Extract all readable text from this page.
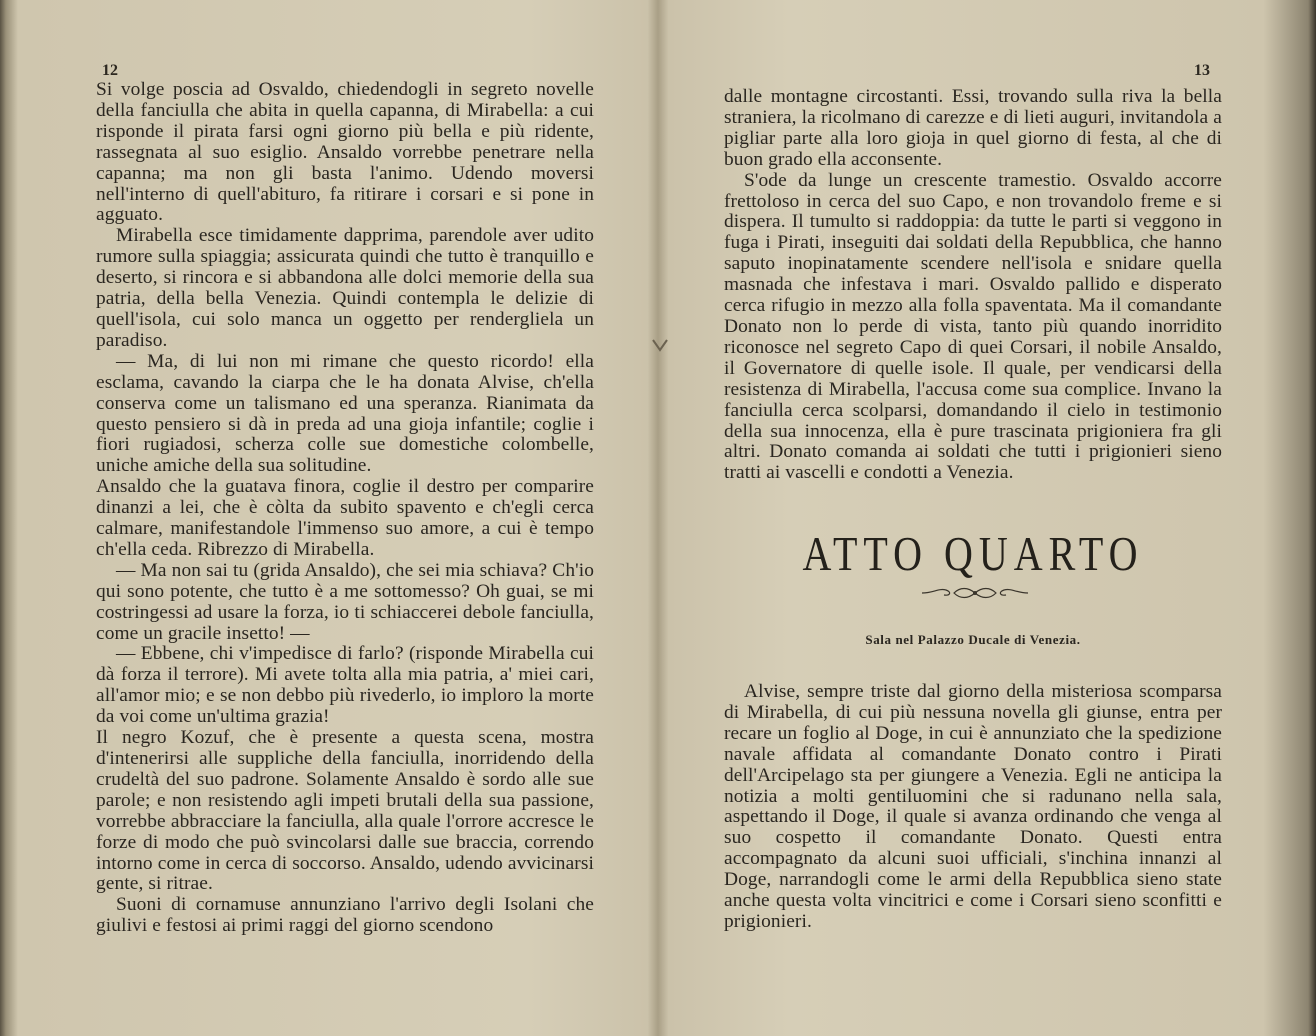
12

Si volge poscia ad Osvaldo, chiedendogli in segreto novelle della fanciulla che abita in quella capanna, di Mirabella: a cui risponde il pirata farsi ogni giorno più bella e più ridente, rassegnata al suo esiglio. Ansaldo vorrebbe penetrare nella capanna; ma non gli basta l'animo. Udendo moversi nell'interno di quell'abituro, fa ritirare i corsari e si pone in agguato.

Mirabella esce timidamente dapprima, parendole aver udito rumore sulla spiaggia; assicurata quindi che tutto è tranquillo e deserto, si rincora e si abbandona alle dolci memorie della sua patria, della bella Venezia. Quindi contempla le delizie di quell'isola, cui solo manca un oggetto per rendergliela un paradiso.

— Ma, di lui non mi rimane che questo ricordo! ella esclama, cavando la ciarpa che le ha donata Alvise, ch'ella conserva come un talismano ed una speranza. Rianimata da questo pensiero si dà in preda ad una gioja infantile; coglie i fiori rugiadosi, scherza colle sue domestiche colombelle, uniche amiche della sua solitudine.

Ansaldo che la guatava finora, coglie il destro per comparire dinanzi a lei, che è còlta da subito spavento e ch'egli cerca calmare, manifestandole l'immenso suo amore, a cui è tempo ch'ella ceda. Ribrezzo di Mirabella.

— Ma non sai tu (grida Ansaldo), che sei mia schiava? Ch'io qui sono potente, che tutto è a me sottomesso? Oh guai, se mi costringessi ad usare la forza, io ti schiaccerei debole fanciulla, come un gracile insetto! —

— Ebbene, chi v'impedisce di farlo? (risponde Mirabella cui dà forza il terrore). Mi avete tolta alla mia patria, a' miei cari, all'amor mio; e se non debbo più rivederlo, io imploro la morte da voi come un'ultima grazia!

Il negro Kozuf, che è presente a questa scena, mostra d'intenerirsi alle suppliche della fanciulla, inorridendo della crudeltà del suo padrone. Solamente Ansaldo è sordo alle sue parole; e non resistendo agli impeti brutali della sua passione, vorrebbe abbracciare la fanciulla, alla quale l'orrore accresce le forze di modo che può svincolarsi dalle sue braccia, correndo intorno come in cerca di soccorso. Ansaldo, udendo avvicinarsi gente, si ritrae.

Suoni di cornamuse annunziano l'arrivo degli Isolani che giulivi e festosi ai primi raggi del giorno scendono

13

dalle montagne circostanti. Essi, trovando sulla riva la bella straniera, la ricolmano di carezze e di lieti auguri, invitandola a pigliar parte alla loro gioja in quel giorno di festa, al che di buon grado ella acconsente.

S'ode da lunge un crescente tramestio. Osvaldo accorre frettoloso in cerca del suo Capo, e non trovandolo freme e si dispera. Il tumulto si raddoppia: da tutte le parti si veggono in fuga i Pirati, inseguiti dai soldati della Repubblica, che hanno saputo inopinatamente scendere nell'isola e snidare quella masnada che infestava i mari. Osvaldo pallido e disperato cerca rifugio in mezzo alla folla spaventata. Ma il comandante Donato non lo perde di vista, tanto più quando inorridito riconosce nel segreto Capo di quei Corsari, il nobile Ansaldo, il Governatore di quelle isole. Il quale, per vendicarsi della resistenza di Mirabella, l'accusa come sua complice. Invano la fanciulla cerca scolparsi, domandando il cielo in testimonio della sua innocenza, ella è pure trascinata prigioniera fra gli altri. Donato comanda ai soldati che tutti i prigionieri sieno tratti ai vascelli e condotti a Venezia.

ATTO QUARTO
Sala nel Palazzo Ducale di Venezia.

Alvise, sempre triste dal giorno della misteriosa scomparsa di Mirabella, di cui più nessuna novella gli giunse, entra per recare un foglio al Doge, in cui è annunziato che la spedizione navale affidata al comandante Donato contro i Pirati dell'Arcipelago sta per giungere a Venezia. Egli ne anticipa la notizia a molti gentiluomini che si radunano nella sala, aspettando il Doge, il quale si avanza ordinando che venga al suo cospetto il comandante Donato. Questi entra accompagnato da alcuni suoi ufficiali, s'inchina innanzi al Doge, narrandogli come le armi della Repubblica sieno state anche questa volta vincitrici e come i Corsari sieno sconfitti e prigionieri.
